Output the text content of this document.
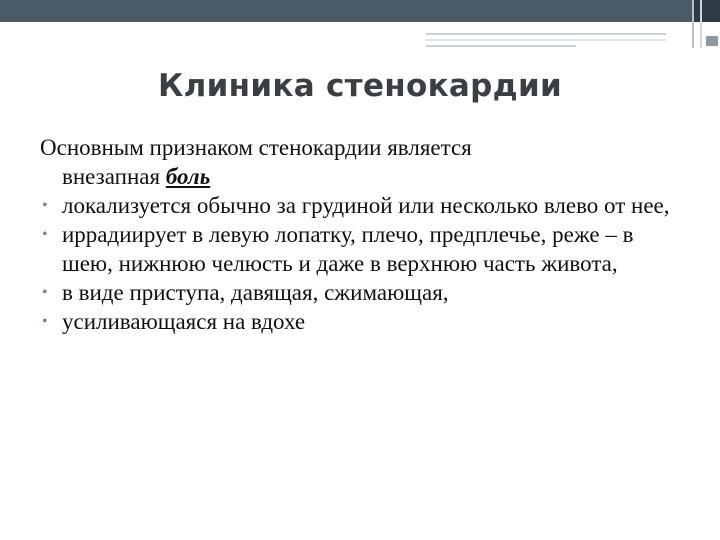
Клиника стенокардии

Основным признаком стенокардии является
внезапная боль

• локализуется обычно за грудиной или несколько влево от нее,
• иррадиирует в левую лопатку, плечо, предплечье, реже – в шею, нижнюю челюсть и даже в верхнюю часть живота,
• в виде приступа, давящая, сжимающая,
• усиливающаяся на вдохе
